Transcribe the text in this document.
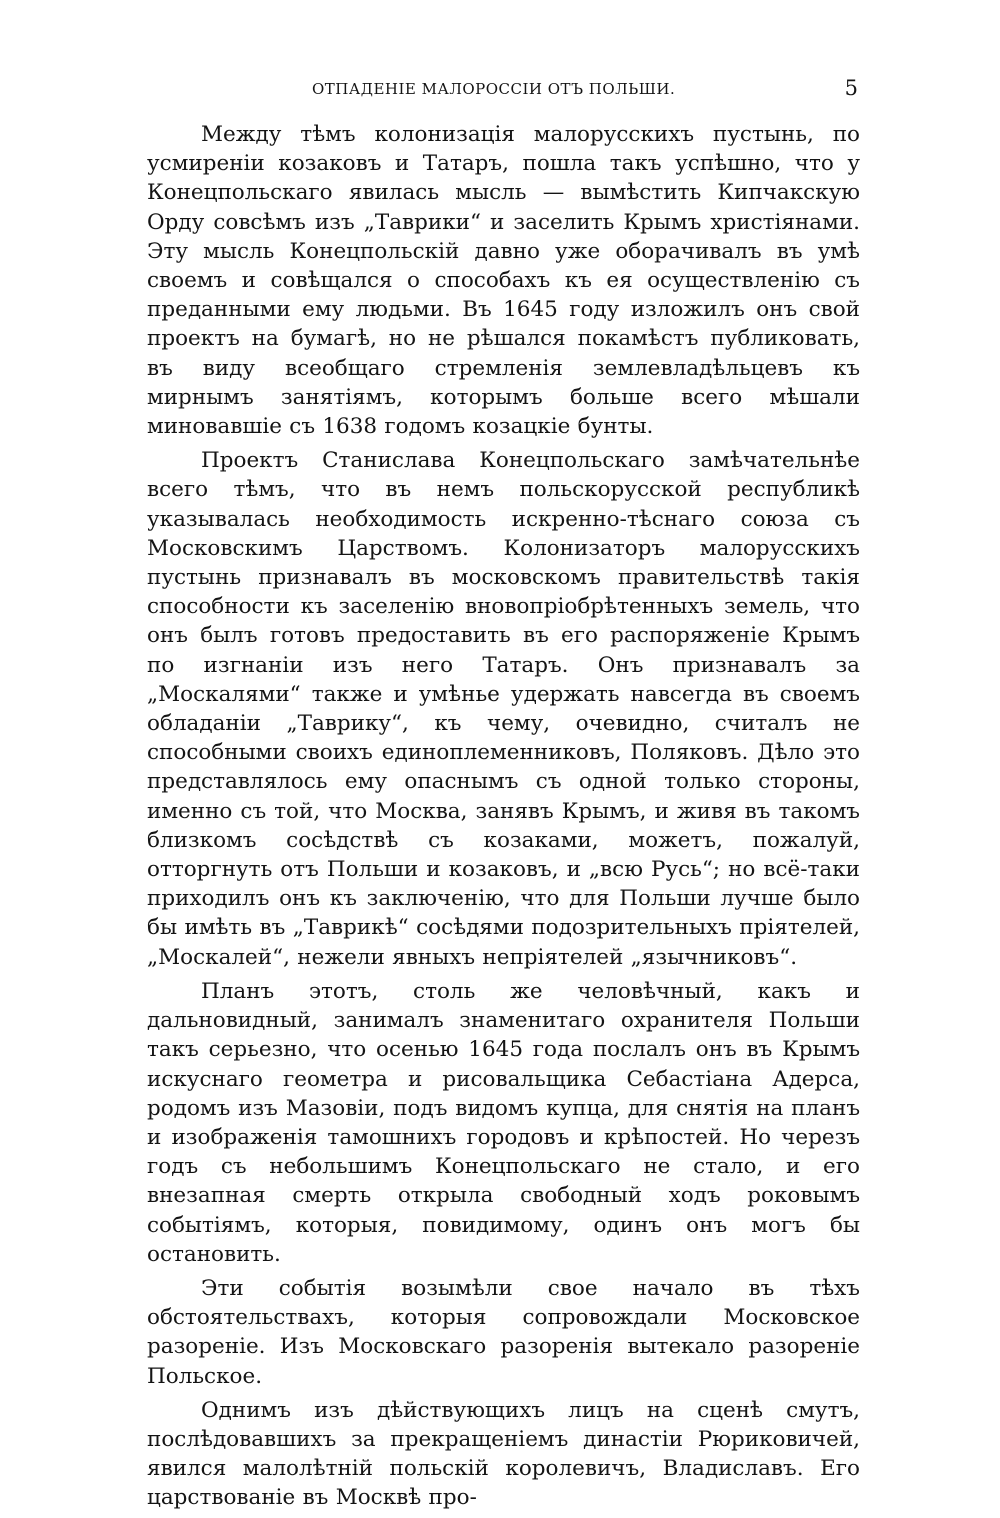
ОТПАДЕНІЕ МАЛОРОССІИ ОТЪ ПОЛЬШИ.	5

Между тѣмъ колонизація малорусскихъ пустынь, по усмиреніи козаковъ и Татаръ, пошла такъ успѣшно, что у Конецпольскаго явилась мысль — вымѣстить Кипчакскую Орду совсѣмъ изъ „Таврики“ и заселить Крымъ христіянами. Эту мысль Конецпольскій давно уже оборачивалъ въ умѣ своемъ и совѣщался о способахъ къ ея осуществленію съ преданными ему людьми. Въ 1645 году изложилъ онъ свой проектъ на бумагѣ, но не рѣшался покамѣстъ публиковать, въ виду всеобщаго стремленія землевладѣльцевъ къ мирнымъ занятіямъ, которымъ больше всего мѣшали миновавшіе съ 1638 годомъ козацкіе бунты.

Проектъ Станислава Конецпольскаго замѣчательнѣе всего тѣмъ, что въ немъ польскорусской республикѣ указывалась необходимость искренно-тѣснаго союза съ Московскимъ Царствомъ. Колонизаторъ малорусскихъ пустынь признавалъ въ московскомъ правительствѣ такія способности къ заселенію вновопріобрѣтенныхъ земель, что онъ былъ готовъ предоставить въ его распоряженіе Крымъ по изгнаніи изъ него Татаръ. Онъ признавалъ за „Москалями“ также и умѣнье удержать навсегда въ своемъ обладаніи „Таврику“, къ чему, очевидно, считалъ не способными своихъ единоплеменниковъ, Поляковъ. Дѣло это представлялось ему опаснымъ съ одной только стороны, именно съ той, что Москва, занявъ Крымъ, и живя въ такомъ близкомъ сосѣдствѣ съ козаками, можетъ, пожалуй, отторгнуть отъ Польши и козаковъ, и „всю Русь“; но всё-таки приходилъ онъ къ заключенію, что для Польши лучше было бы имѣть въ „Таврикѣ“ сосѣдями подозрительныхъ пріятелей, „Москалей“, нежели явныхъ непріятелей „язычниковъ“.

Планъ этотъ, столь же человѣчный, какъ и дальновидный, занималъ знаменитаго охранителя Польши такъ серьезно, что осенью 1645 года послалъ онъ въ Крымъ искуснаго геометра и рисовальщика Себастіана Адерса, родомъ изъ Мазовіи, подъ видомъ купца, для снятія на планъ и изображенія тамошнихъ городовъ и крѣпостей. Но черезъ годъ съ небольшимъ Конецпольскаго не стало, и его внезапная смерть открыла свободный ходъ роковымъ событіямъ, которыя, повидимому, одинъ онъ могъ бы остановить.

Эти событія возымѣли свое начало въ тѣхъ обстоятельствахъ, которыя сопровождали Московское разореніе. Изъ Московскаго разоренія вытекало разореніе Польское.

Однимъ изъ дѣйствующихъ лицъ на сценѣ смутъ, послѣдовавшихъ за прекращеніемъ династіи Рюриковичей, явился малолѣтній польскій королевичъ, Владиславъ. Его царствованіе въ Москвѣ про-
